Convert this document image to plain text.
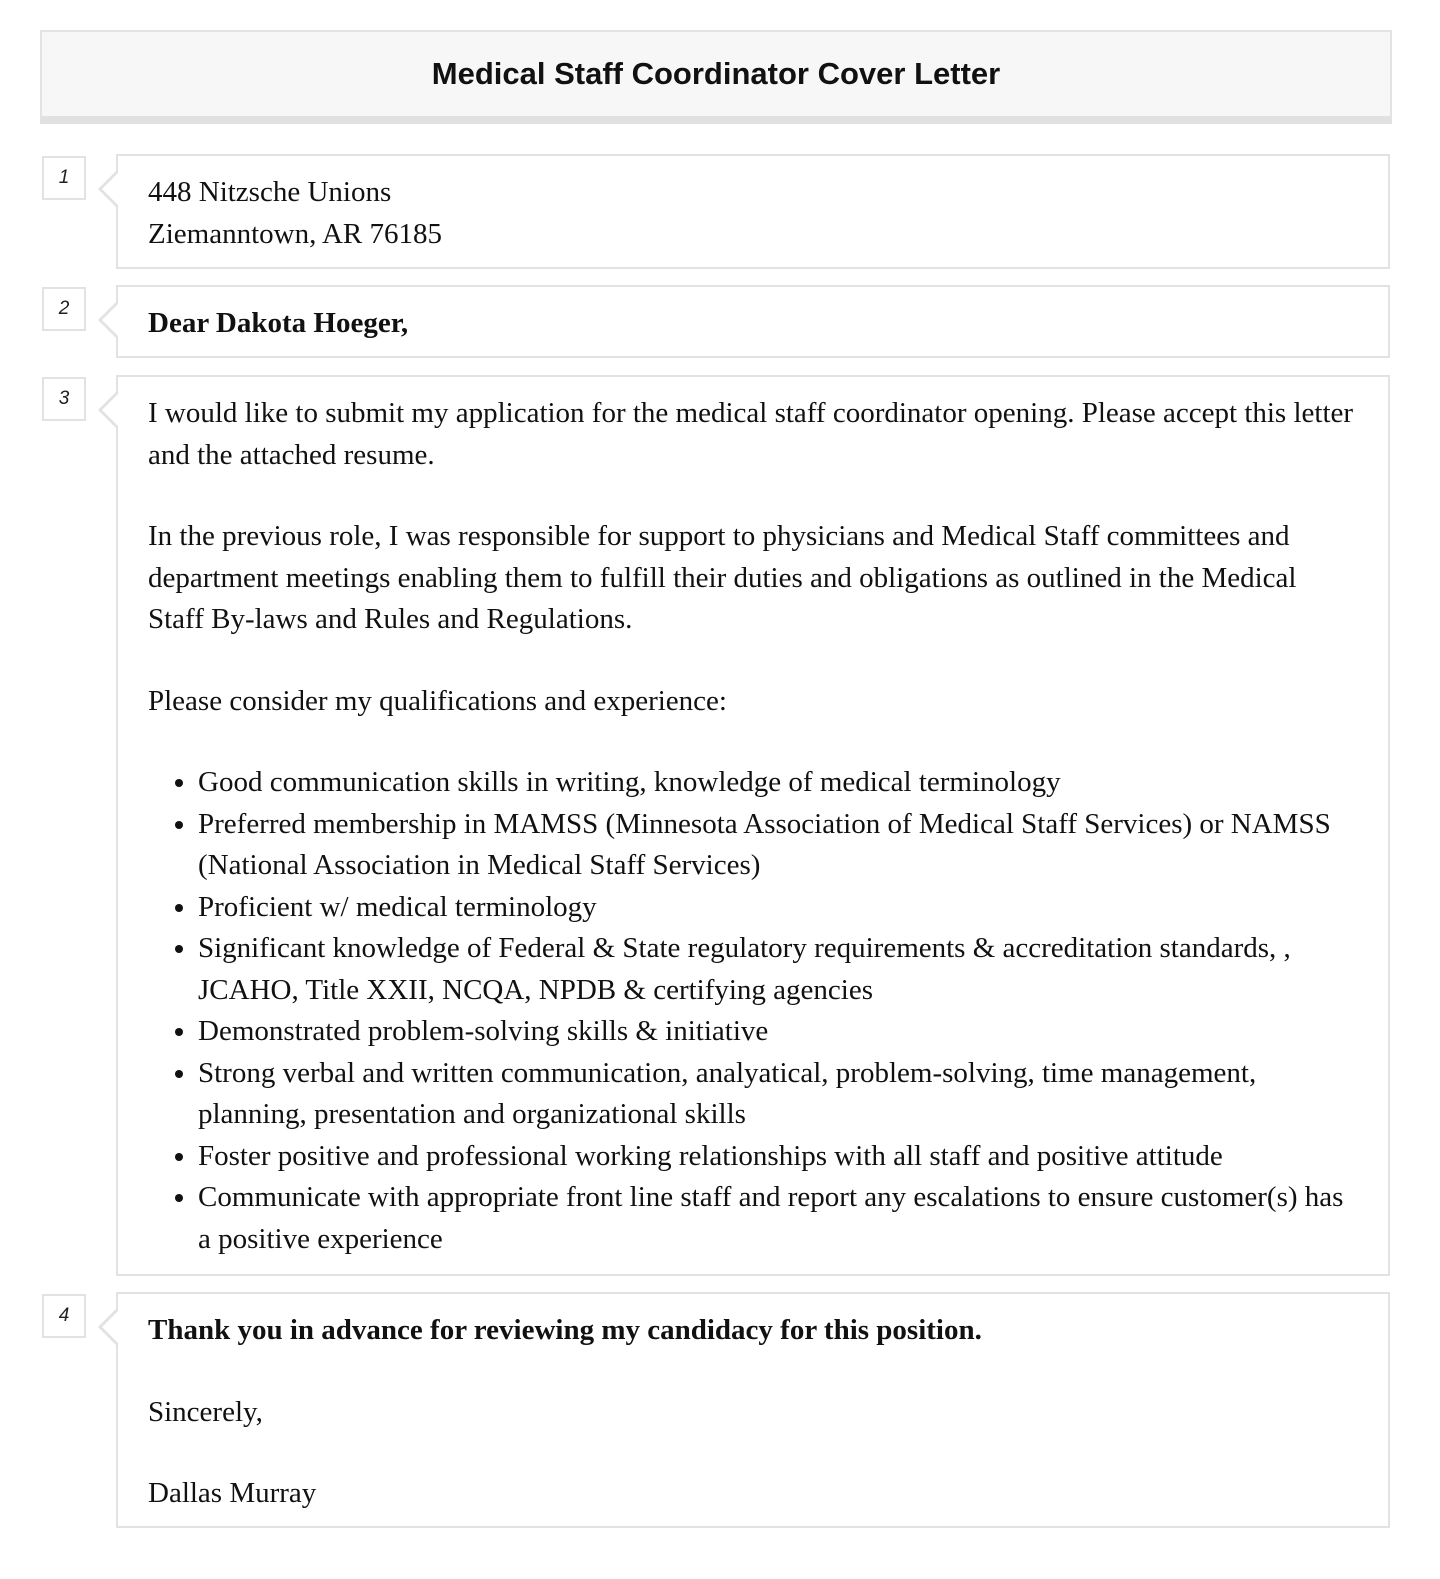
Medical Staff Coordinator Cover Letter
1	448 Nitzsche Unions

Ziemanntown, AR 76185

2	Dear Dakota Hoeger,

3	I would like to submit my application for the medical staff coordinator opening. Please accept this letter and the attached resume.

In the previous role, I was responsible for support to physicians and Medical Staff committees and department meetings enabling them to fulfill their duties and obligations as outlined in the Medical Staff By-laws and Rules and Regulations.

Please consider my qualifications and experience:

• Good communication skills in writing, knowledge of medical terminology
• Preferred membership in MAMSS (Minnesota Association of Medical Staff Services) or NAMSS (National Association in Medical Staff Services)
• Proficient w/ medical terminology
• Significant knowledge of Federal & State regulatory requirements & accreditation standards, , JCAHO, Title XXII, NCQA, NPDB & certifying agencies
• Demonstrated problem-solving skills & initiative
• Strong verbal and written communication, analyatical, problem-solving, time management, planning, presentation and organizational skills
• Foster positive and professional working relationships with all staff and positive attitude
• Communicate with appropriate front line staff and report any escalations to ensure customer(s) has a positive experience
4	Thank you in advance for reviewing my candidacy for this position.

Sincerely,

Dallas Murray
